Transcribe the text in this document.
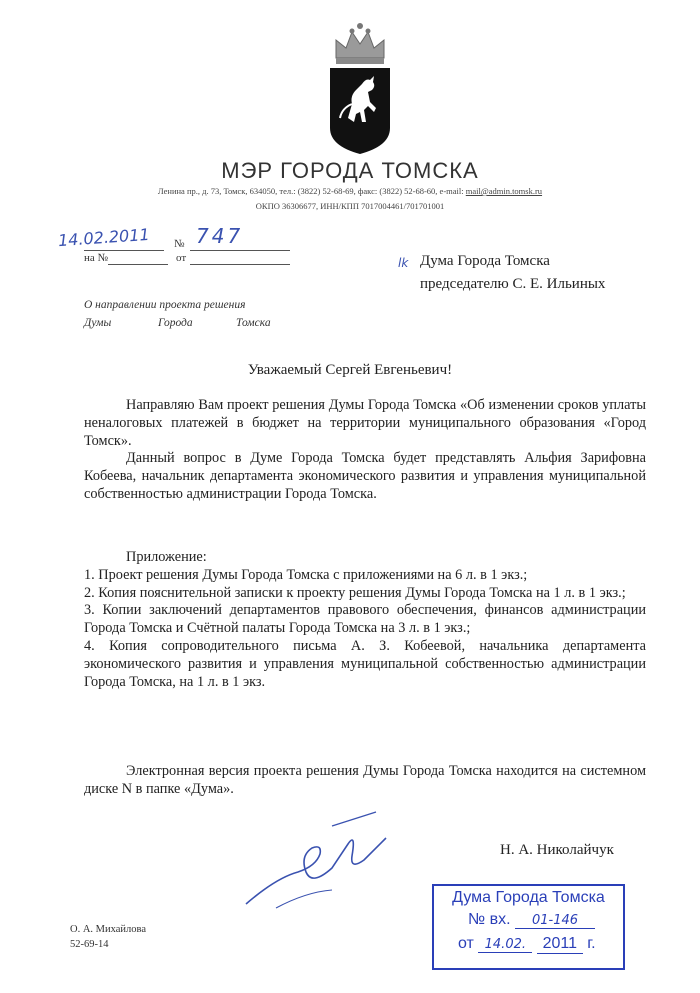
МЭР ГОРОДА ТОМСКА
Ленина пр., д. 73, Томск, 634050, тел.: (3822) 52-68-69, факс: (3822) 52-68-60, e-mail: mail@admin.tomsk.ru
ОКПО 36306677, ИНН/КПП 7017004461/701701001
14.02.2011 № 747
на №	от	lk Дума Города Томска
председателю С. Е. Ильиных
О направлении проекта решения
Думы	Города	Томска
Уважаемый Сергей Евгеньевич!

Направляю Вам проект решения Думы Города Томска «Об изменении сроков уплаты неналоговых платежей в бюджет на территории муниципального образования «Город Томск».

Данный вопрос в Думе Города Томска будет представлять Альфия Зарифовна Кобеева, начальник департамента экономического развития и управления муниципальной собственностью администрации Города Томска.

Приложение:

1. Проект решения Думы Города Томска с приложениями на 6 л. в 1 экз.;

2. Копия пояснительной записки к проекту решения Думы Города Томска на 1 л. в 1 экз.;

3. Копии заключений департаментов правового обеспечения, финансов администрации Города Томска и Счётной палаты Города Томска на 3 л. в 1 экз.;

4. Копия сопроводительного письма А. З. Кобеевой, начальника департамента экономического развития и управления муниципальной собственностью администрации Города Томска, на 1 л. в 1 экз.

Электронная версия проекта решения Думы Города Томска находится на системном диске N в папке «Дума».

Н. А. Николайчук
О. А. Михайлова
52-69-14
Дума Города Томска
№ вх. 01-146
от 14.02. 2011 г.
